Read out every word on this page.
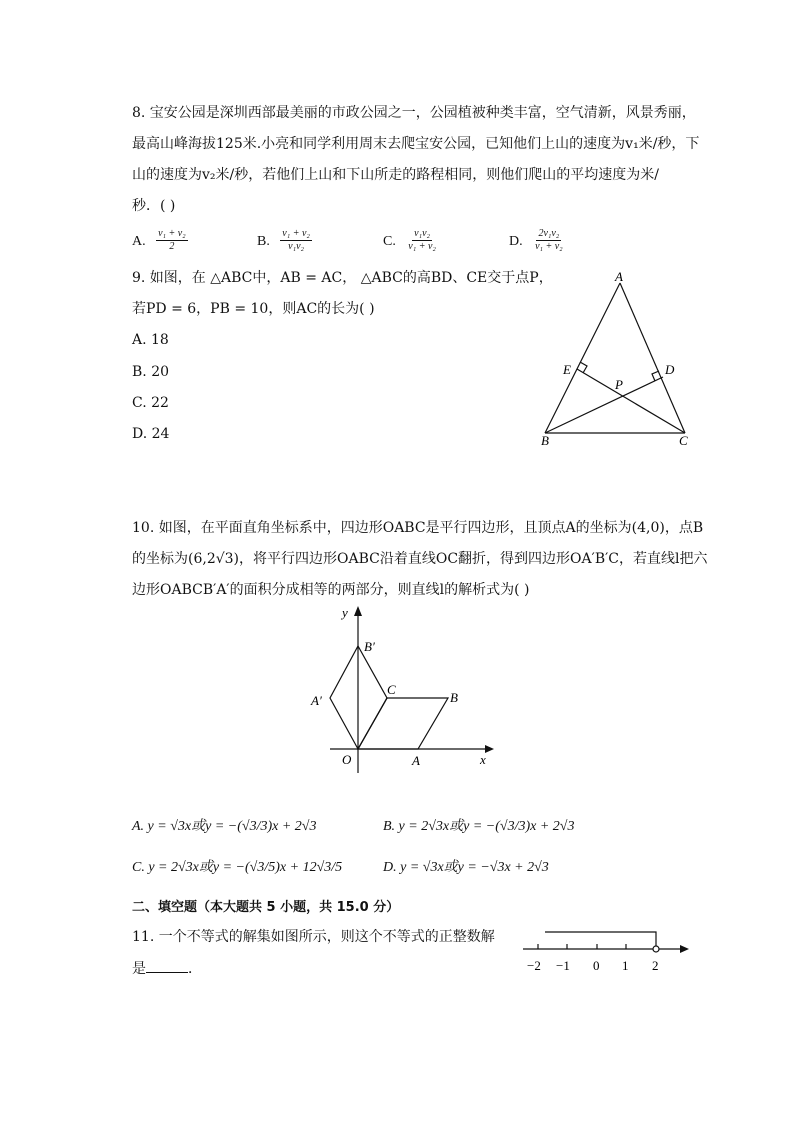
8. 宝安公园是深圳西部最美丽的市政公园之一，公园植被种类丰富，空气清新，风景秀丽，
最高山峰海拔125米.小亮和同学利用周末去爬宝安公园，已知他们上山的速度为v₁米/秒，下
山的速度为v₂米/秒，若他们上山和下山所走的路程相同，则他们爬山的平均速度为米/
秒．( )
A. $\frac{\text{v₁ + v₂}}{2}$	B. $\frac{\text{v₁ + v₂}}{\text{v₁v₂}}$	C. $\frac{\text{v₁v₂}}{\text{v₁ + v₂}}$	D. $\frac{\text{2v₁v₂}}{\text{v₁ + v₂}}$
9. 如图，在 △ABC中，AB = AC， △ABC的高BD、CE交于点P，
若PD = 6，PB = 10，则AC的长为( )
A. 18
B. 20
C. 22
D. 24
A
B	C
D
E
P
10. 如图，在平面直角坐标系中，四边形OABC是平行四边形，且顶点A的坐标为(4,0)，点B
的坐标为(6,2√3)，将平行四边形OABC沿着直线OC翻折，得到四边形OA′B′C，若直线l把六
边形OABCB′A′的面积分成相等的两部分，则直线l的解析式为( )
y
x
O	A
B
C
A′
B′
A. y = √3x或y = −(√3/3)x + 2√3	B. y = 2√3x或y = −(√3/3)x + 2√3
C. y = 2√3x或y = −(√3/5)x + 12√3/5	D. y = √3x或y = −√3x + 2√3
二、填空题（本大题共 5 小题，共 15.0 分）
11. 一个不等式的解集如图所示，则这个不等式的正整数解
是	．	−2 −1 0 1 2
